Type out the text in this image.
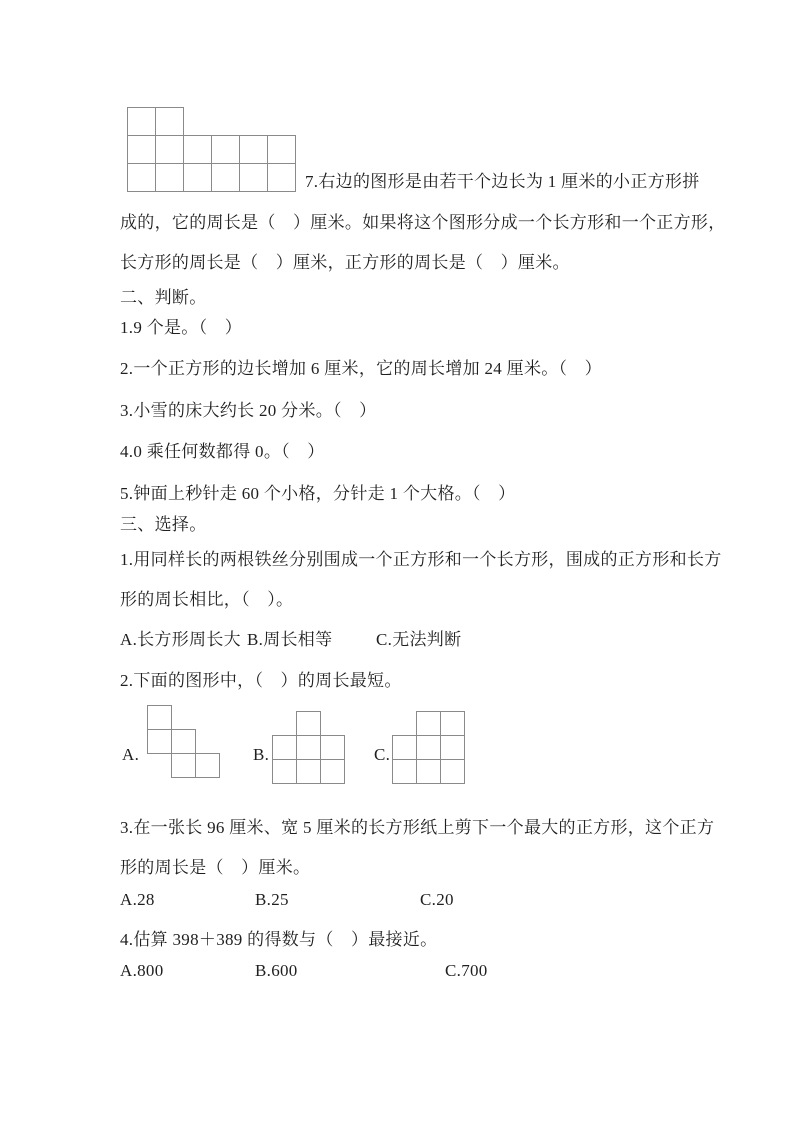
7.右边的图形是由若干个边长为 1 厘米的小正方形拼
成的，它的周长是（　）厘米。如果将这个图形分成一个长方形和一个正方形，
长方形的周长是（　）厘米，正方形的周长是（　）厘米。
二、判断。
1.9 个是。（　）
2.一个正方形的边长增加 6 厘米，它的周长增加 24 厘米。（　）
3.小雪的床大约长 20 分米。（　）
4.0 乘任何数都得 0。（　）
5.钟面上秒针走 60 个小格，分针走 1 个大格。（　）
三、选择。
1.用同样长的两根铁丝分别围成一个正方形和一个长方形，围成的正方形和长方
形的周长相比，（　）。
A.长方形周长大 B.周长相等	C.无法判断
2.下面的图形中，（　）的周长最短。
A.	B.	C.
3.在一张长 96 厘米、宽 5 厘米的长方形纸上剪下一个最大的正方形，这个正方
形的周长是（　）厘米。
A.28	B.25	C.20
4.估算 398＋389 的得数与（　）最接近。
A.800	B.600	C.700
